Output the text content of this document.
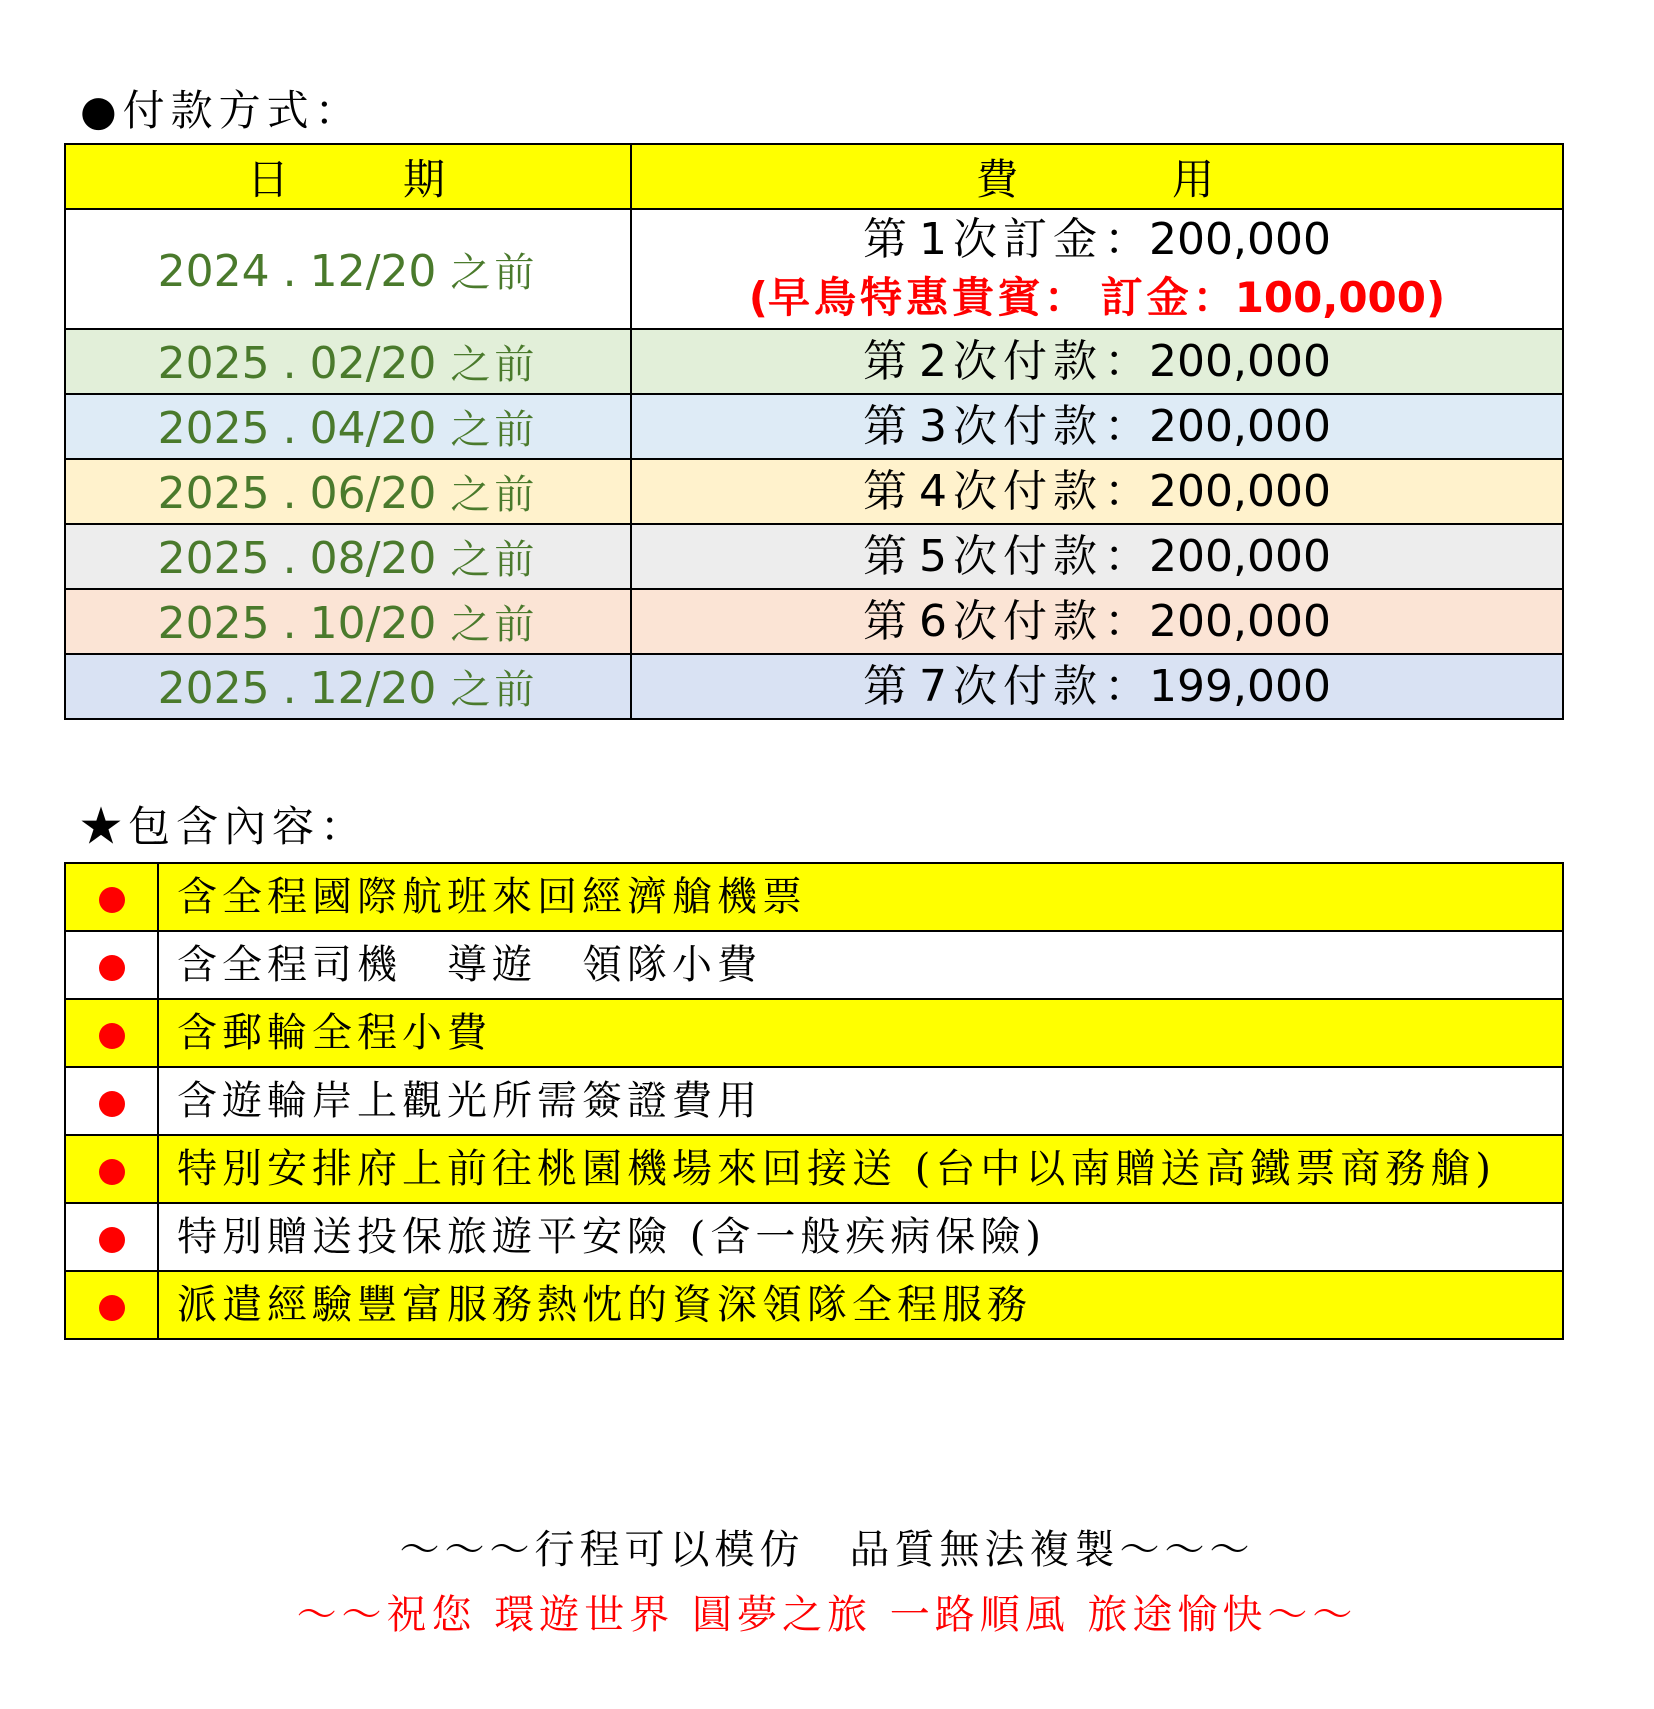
●付款方式：
日 期	費 用
2024 . 12/20 之前	第 1 次訂金：200,000
(早鳥特惠貴賓： 訂金：100,000)

2025 . 02/20 之前	第 2 次付款：200,000

2025 . 04/20 之前	第 3 次付款：200,000

2025 . 06/20 之前	第 4 次付款：200,000

2025 . 08/20 之前	第 5 次付款：200,000

2025 . 10/20 之前	第 6 次付款：200,000

2025 . 12/20 之前	第 7 次付款：199,000
★包含內容：
	含全程國際航班來回經濟艙機票
	含全程司機　導遊　領隊小費
	含郵輪全程小費
	含遊輪岸上觀光所需簽證費用
	特別安排府上前往桃園機場來回接送 (台中以南贈送高鐵票商務艙)
	特別贈送投保旅遊平安險 (含一般疾病保險)
	派遣經驗豐富服務熱忱的資深領隊全程服務
～～～行程可以模仿　品質無法複製～～～
～～祝您 環遊世界 圓夢之旅 一路順風 旅途愉快～～
